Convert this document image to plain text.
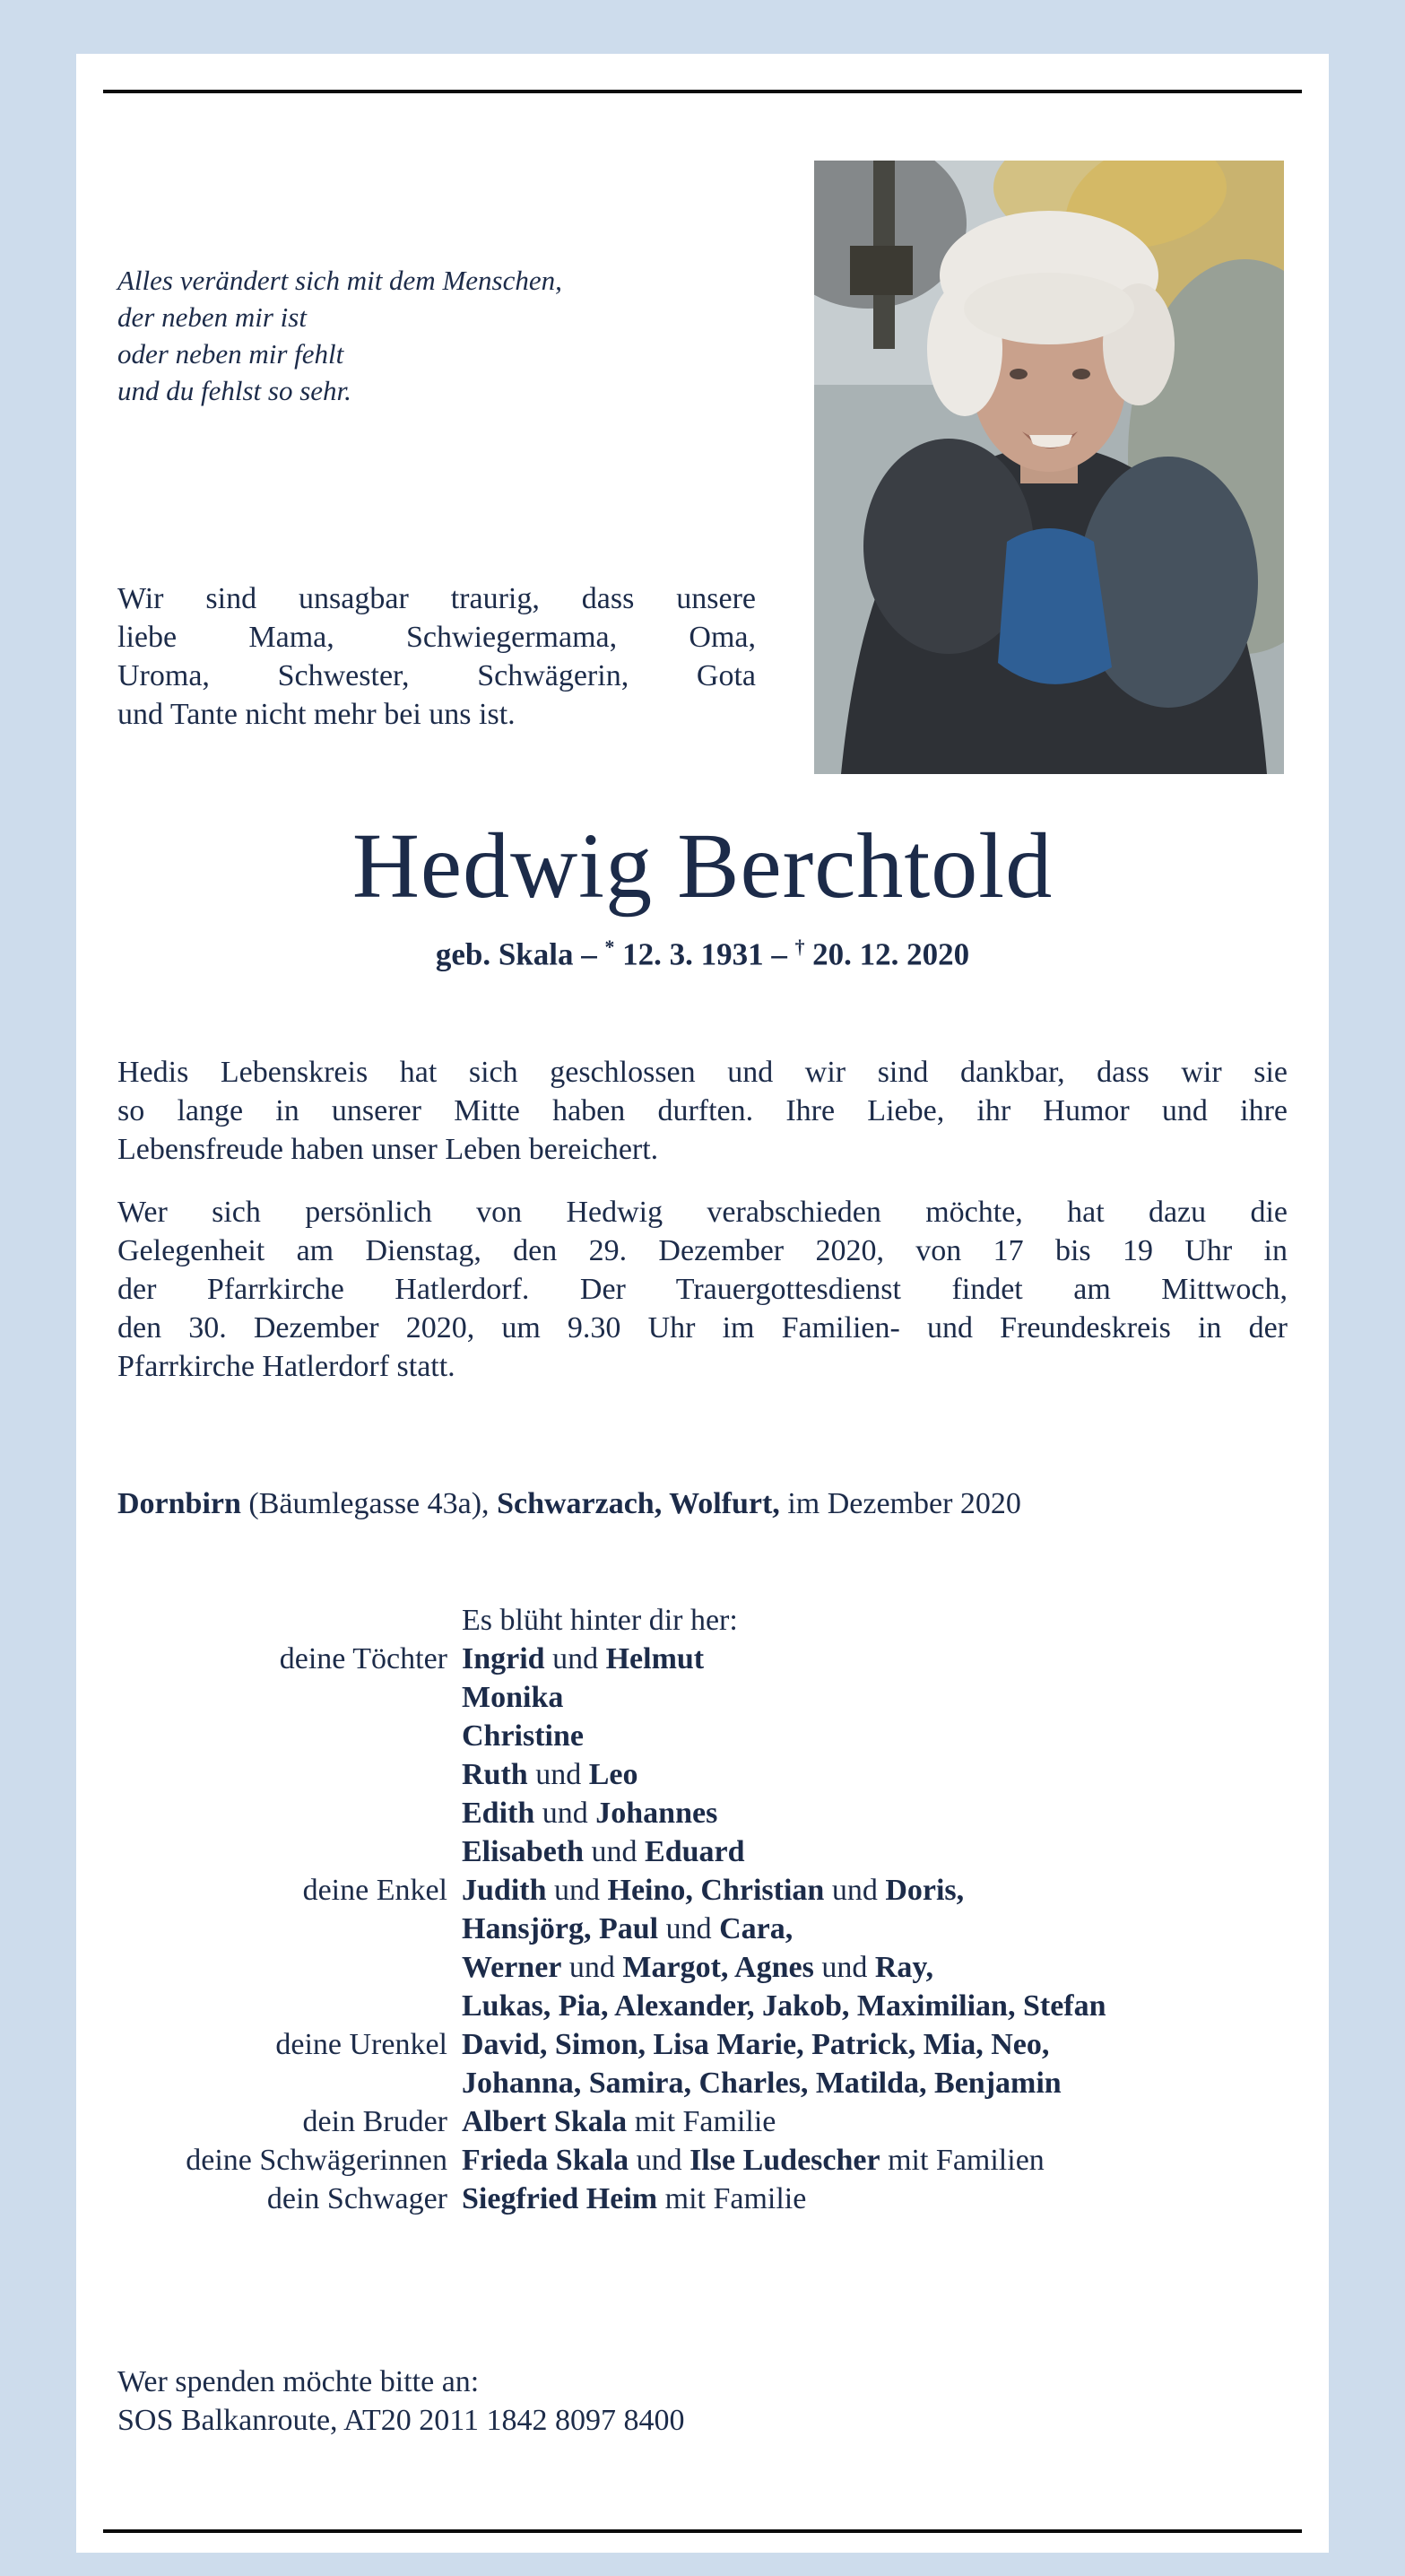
Alles verändert sich mit dem Menschen,
der neben mir ist
oder neben mir fehlt
und du fehlst so sehr.
Wir sind unsagbar traurig, dass unsere
liebe Mama, Schwiegermama, Oma,
Uroma, Schwester, Schwägerin, Gota
und Tante nicht mehr bei uns ist.
Hedwig Berchtold
geb. Skala – * 12. 3. 1931 – † 20. 12. 2020
Hedis Lebenskreis hat sich geschlossen und wir sind dankbar, dass wir sie
so lange in unserer Mitte haben durften. Ihre Liebe, ihr Humor und ihre
Lebensfreude haben unser Leben bereichert.
Wer sich persönlich von Hedwig verabschieden möchte, hat dazu die
Gelegenheit am Dienstag, den 29. Dezember 2020, von 17 bis 19 Uhr in
der Pfarrkirche Hatlerdorf. Der Trauergottesdienst findet am Mittwoch,
den 30. Dezember 2020, um 9.30 Uhr im Familien- und Freundeskreis in der
Pfarrkirche Hatlerdorf statt.

Dornbirn (Bäumlegasse 43a), Schwarzach, Wolfurt, im Dezember 2020

Es blüht hinter dir her:
deine Töchter Ingrid und Helmut
Monika
Christine
Ruth und Leo
Edith und Johannes
Elisabeth und Eduard
deine Enkel Judith und Heino, Christian und Doris,
Hansjörg, Paul und Cara,
Werner und Margot, Agnes und Ray,
Lukas, Pia, Alexander, Jakob, Maximilian, Stefan
deine Urenkel David, Simon, Lisa Marie, Patrick, Mia, Neo,
Johanna, Samira, Charles, Matilda, Benjamin
dein Bruder Albert Skala mit Familie
deine Schwägerinnen Frieda Skala und Ilse Ludescher mit Familien
dein Schwager Siegfried Heim mit Familie
Wer spenden möchte bitte an:
SOS Balkanroute, AT20 2011 1842 8097 8400
